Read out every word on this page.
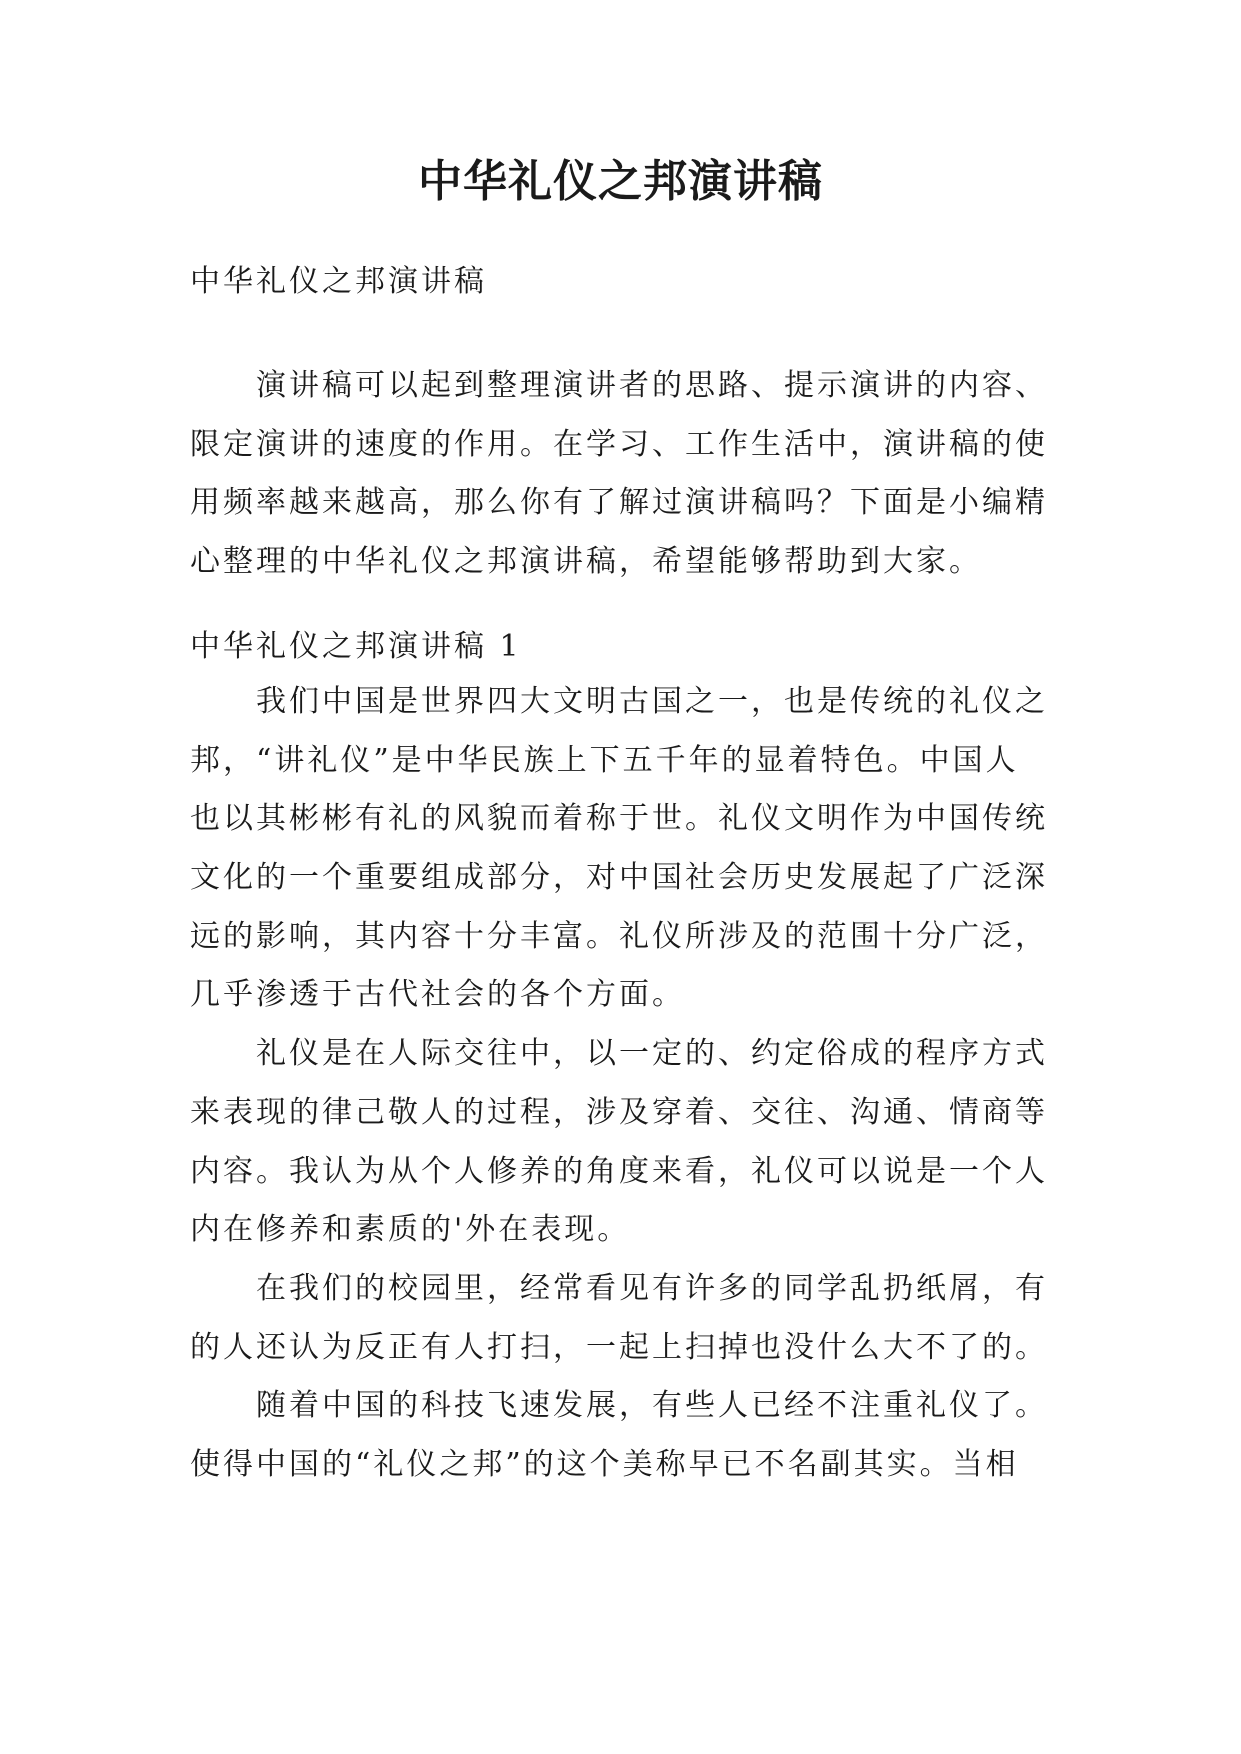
中华礼仪之邦演讲稿

中华礼仪之邦演讲稿

　　演讲稿可以起到整理演讲者的思路、提示演讲的内容、
限定演讲的速度的作用。在学习、工作生活中，演讲稿的使
用频率越来越高，那么你有了解过演讲稿吗？下面是小编精
心整理的中华礼仪之邦演讲稿，希望能够帮助到大家。

中华礼仪之邦演讲稿 1

　　我们中国是世界四大文明古国之一，也是传统的礼仪之
邦，“讲礼仪”是中华民族上下五千年的显着特色。中国人
也以其彬彬有礼的风貌而着称于世。礼仪文明作为中国传统
文化的一个重要组成部分，对中国社会历史发展起了广泛深
远的影响，其内容十分丰富。礼仪所涉及的范围十分广泛，
几乎渗透于古代社会的各个方面。
　　礼仪是在人际交往中，以一定的、约定俗成的程序方式
来表现的律己敬人的过程，涉及穿着、交往、沟通、情商等
内容。我认为从个人修养的角度来看，礼仪可以说是一个人
内在修养和素质的'外在表现。
　　在我们的校园里，经常看见有许多的同学乱扔纸屑，有
的人还认为反正有人打扫，一起上扫掉也没什么大不了的。
　　随着中国的科技飞速发展，有些人已经不注重礼仪了。
使得中国的“礼仪之邦”的这个美称早已不名副其实。当相
